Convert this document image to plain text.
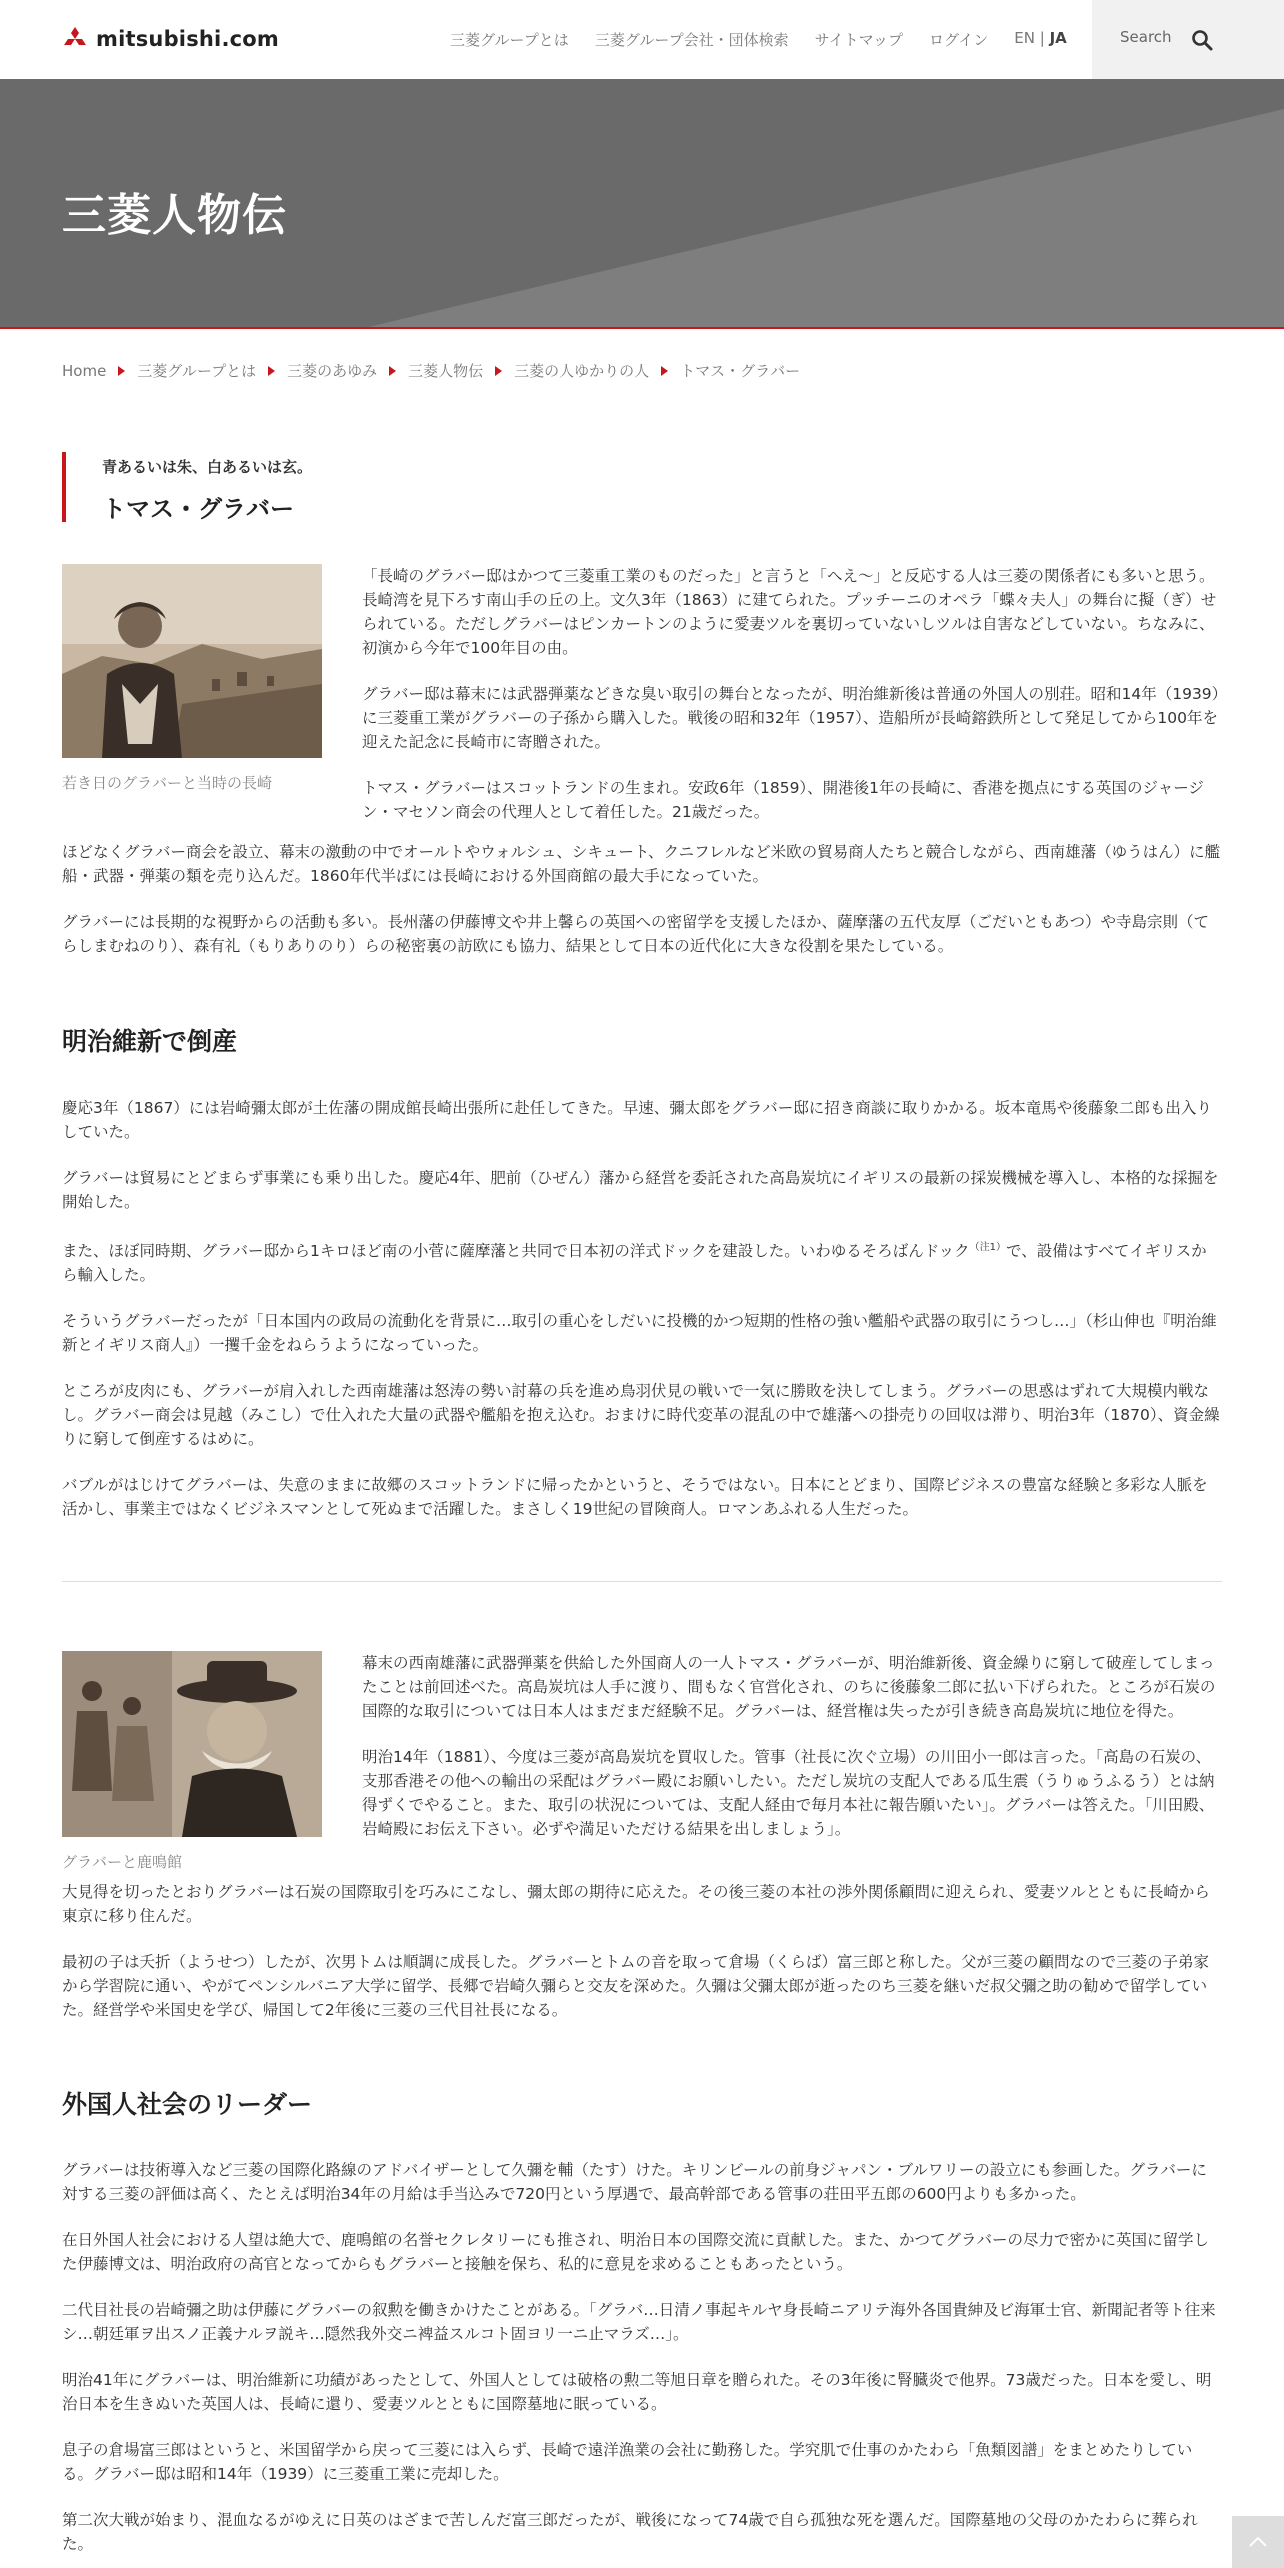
mitsubishi.com	三菱グループとは 三菱グループ会社・団体検索 サイトマップ ログイン EN | JA
Search
三菱人物伝
Home 三菱グループとは 三菱のあゆみ 三菱人物伝 三菱の人ゆかりの人 トマス・グラバー
青あるいは朱、白あるいは玄。
トマス・グラバー
若き日のグラバーと当時の長崎

「長崎のグラバー邸はかつて三菱重工業のものだった」と言うと「へえ～」と反応する人は三菱の関係者にも多いと思う。長崎湾を見下ろす南山手の丘の上。文久3年（1863）に建てられた。プッチーニのオペラ「蝶々夫人」の舞台に擬（ぎ）せられている。ただしグラバーはピンカートンのように愛妻ツルを裏切っていないしツルは自害などしていない。ちなみに、初演から今年で100年目の由。

グラバー邸は幕末には武器弾薬などきな臭い取引の舞台となったが、明治維新後は普通の外国人の別荘。昭和14年（1939）に三菱重工業がグラバーの子孫から購入した。戦後の昭和32年（1957）、造船所が長崎鎔鉄所として発足してから100年を迎えた記念に長崎市に寄贈された。

トマス・グラバーはスコットランドの生まれ。安政6年（1859）、開港後1年の長崎に、香港を拠点にする英国のジャージン・マセソン商会の代理人として着任した。21歳だった。

ほどなくグラバー商会を設立、幕末の激動の中でオールトやウォルシュ、シキュート、クニフレルなど米欧の貿易商人たちと競合しながら、西南雄藩（ゆうはん）に艦船・武器・弾薬の類を売り込んだ。1860年代半ばには長崎における外国商館の最大手になっていた。

グラバーには長期的な視野からの活動も多い。長州藩の伊藤博文や井上馨らの英国への密留学を支援したほか、薩摩藩の五代友厚（ごだいともあつ）や寺島宗則（てらしまむねのり）、森有礼（もりありのり）らの秘密裏の訪欧にも協力、結果として日本の近代化に大きな役割を果たしている。

明治維新で倒産

慶応3年（1867）には岩崎彌太郎が土佐藩の開成館長崎出張所に赴任してきた。早速、彌太郎をグラバー邸に招き商談に取りかかる。坂本竜馬や後藤象二郎も出入りしていた。

グラバーは貿易にとどまらず事業にも乗り出した。慶応4年、肥前（ひぜん）藩から経営を委託された高島炭坑にイギリスの最新の採炭機械を導入し、本格的な採掘を開始した。

また、ほぼ同時期、グラバー邸から1キロほど南の小菅に薩摩藩と共同で日本初の洋式ドックを建設した。いわゆるそろばんドック$^{(注1)}$で、設備はすべてイギリスから輸入した。

そういうグラバーだったが「日本国内の政局の流動化を背景に…取引の重心をしだいに投機的かつ短期的性格の強い艦船や武器の取引にうつし…」（杉山伸也『明治維新とイギリス商人』）一攫千金をねらうようになっていった。

ところが皮肉にも、グラバーが肩入れした西南雄藩は怒涛の勢い討幕の兵を進め鳥羽伏見の戦いで一気に勝敗を決してしまう。グラバーの思惑はずれて大規模内戦なし。グラバー商会は見越（みこし）で仕入れた大量の武器や艦船を抱え込む。おまけに時代変革の混乱の中で雄藩への掛売りの回収は滞り、明治3年（1870）、資金繰りに窮して倒産するはめに。

バブルがはじけてグラバーは、失意のままに故郷のスコットランドに帰ったかというと、そうではない。日本にとどまり、国際ビジネスの豊富な経験と多彩な人脈を活かし、事業主ではなくビジネスマンとして死ぬまで活躍した。まさしく19世紀の冒険商人。ロマンあふれる人生だった。

グラバーと鹿鳴館

幕末の西南雄藩に武器弾薬を供給した外国商人の一人トマス・グラバーが、明治維新後、資金繰りに窮して破産してしまったことは前回述べた。高島炭坑は人手に渡り、間もなく官営化され、のちに後藤象二郎に払い下げられた。ところが石炭の国際的な取引については日本人はまだまだ経験不足。グラバーは、経営権は失ったが引き続き高島炭坑に地位を得た。

明治14年（1881）、今度は三菱が高島炭坑を買収した。管事（社長に次ぐ立場）の川田小一郎は言った。「高島の石炭の、支那香港その他への輸出の采配はグラバー殿にお願いしたい。ただし炭坑の支配人である瓜生震（うりゅうふるう）とは納得ずくでやること。また、取引の状況については、支配人経由で毎月本社に報告願いたい」。グラバーは答えた。「川田殿、岩崎殿にお伝え下さい。必ずや満足いただける結果を出しましょう」。

大見得を切ったとおりグラバーは石炭の国際取引を巧みにこなし、彌太郎の期待に応えた。その後三菱の本社の渉外関係顧問に迎えられ、愛妻ツルとともに長崎から東京に移り住んだ。

最初の子は夭折（ようせつ）したが、次男トムは順調に成長した。グラバーとトムの音を取って倉場（くらば）富三郎と称した。父が三菱の顧問なので三菱の子弟家から学習院に通い、やがてペンシルバニア大学に留学、長郷で岩崎久彌らと交友を深めた。久彌は父彌太郎が逝ったのち三菱を継いだ叔父彌之助の勧めで留学していた。経営学や米国史を学び、帰国して2年後に三菱の三代目社長になる。

外国人社会のリーダー

グラバーは技術導入など三菱の国際化路線のアドバイザーとして久彌を輔（たす）けた。キリンビールの前身ジャパン・ブルワリーの設立にも参画した。グラバーに対する三菱の評価は高く、たとえば明治34年の月給は手当込みで720円という厚遇で、最高幹部である管事の荘田平五郎の600円よりも多かった。

在日外国人社会における人望は絶大で、鹿鳴館の名誉セクレタリーにも推され、明治日本の国際交流に貢献した。また、かつてグラバーの尽力で密かに英国に留学した伊藤博文は、明治政府の高官となってからもグラバーと接触を保ち、私的に意見を求めることもあったという。

二代目社長の岩崎彌之助は伊藤にグラバーの叙勲を働きかけたことがある。「グラバ…日清ノ事起キルヤ身長崎ニアリテ海外各国貴紳及ビ海軍士官、新聞記者等ト往来シ…朝廷軍ヲ出スノ正義ナルヲ説キ…隠然我外交ニ裨益スルコト固ヨリ一ニ止マラズ…」。

明治41年にグラバーは、明治維新に功績があったとして、外国人としては破格の勲二等旭日章を贈られた。その3年後に腎臓炎で他界。73歳だった。日本を愛し、明治日本を生きぬいた英国人は、長崎に還り、愛妻ツルとともに国際墓地に眠っている。

息子の倉場富三郎はというと、米国留学から戻って三菱には入らず、長崎で遠洋漁業の会社に勤務した。学究肌で仕事のかたわら「魚類図譜」をまとめたりしている。グラバー邸は昭和14年（1939）に三菱重工業に売却した。

第二次大戦が始まり、混血なるがゆえに日英のはざまで苦しんだ富三郎だったが、戦後になって74歳で自ら孤独な死を選んだ。国際墓地の父母のかたわらに葬られた。
